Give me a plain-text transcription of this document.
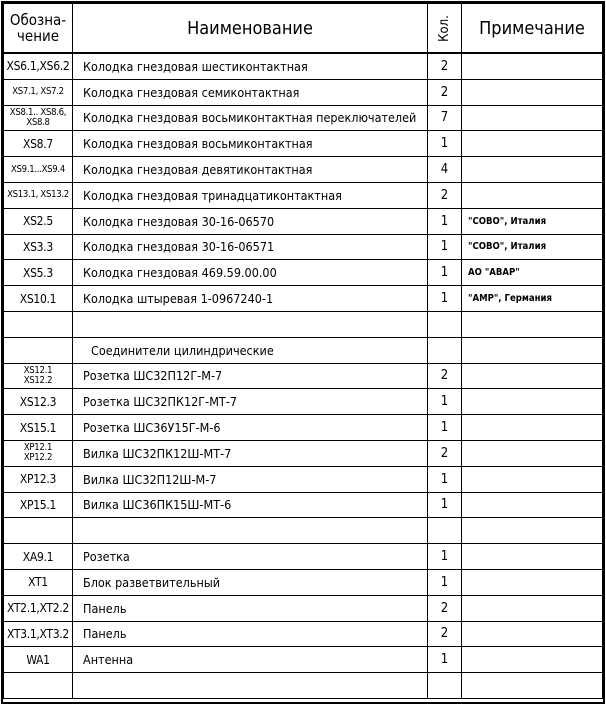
Обозна-
чение	Наименование	Кол.	Примечание
XS6.1,XS6.2	Колодка гнездовая шестиконтактная	2	
XS7.1, XS7.2	Колодка гнездовая семиконтактная	2	

XS8.1.. XS8.6,
XS8.8	Колодка гнездовая восьмиконтактная переключателей	7	
XS8.7	Колодка гнездовая восьмиконтактная	1	
XS9.1...XS9.4	Колодка гнездовая девятиконтактная	4	
XS13.1, XS13.2	Колодка гнездовая тринадцатиконтактная	2	
XS2.5	Колодка гнездовая 30-16-06570	1	"COBO", Италия
XS3.3	Колодка гнездовая 30-16-06571	1	"COBO", Италия
XS5.3	Колодка гнездовая 469.59.00.00	1	АО "АВАР"
XS10.1	Колодка штыревая 1-0967240-1	1	"АМР", Германия

	Соединители цилиндрические		

XS12.1
XS12.2	Розетка ШС32П12Г-М-7	2	
XS12.3	Розетка ШС32ПК12Г-МТ-7	1	
XS15.1	Розетка ШС36У15Г-М-6	1	

XP12.1
XP12.2	Вилка ШС32ПК12Ш-МТ-7	2	
XP12.3	Вилка ШС32П12Ш-М-7	1	
XP15.1	Вилка ШС36ПК15Ш-МТ-6	1	

XA9.1	Розетка	1	
XT1	Блок разветвительный	1	
XT2.1,XT2.2	Панель	2	
XT3.1,XT3.2	Панель	2	
WA1	Антенна	1	
